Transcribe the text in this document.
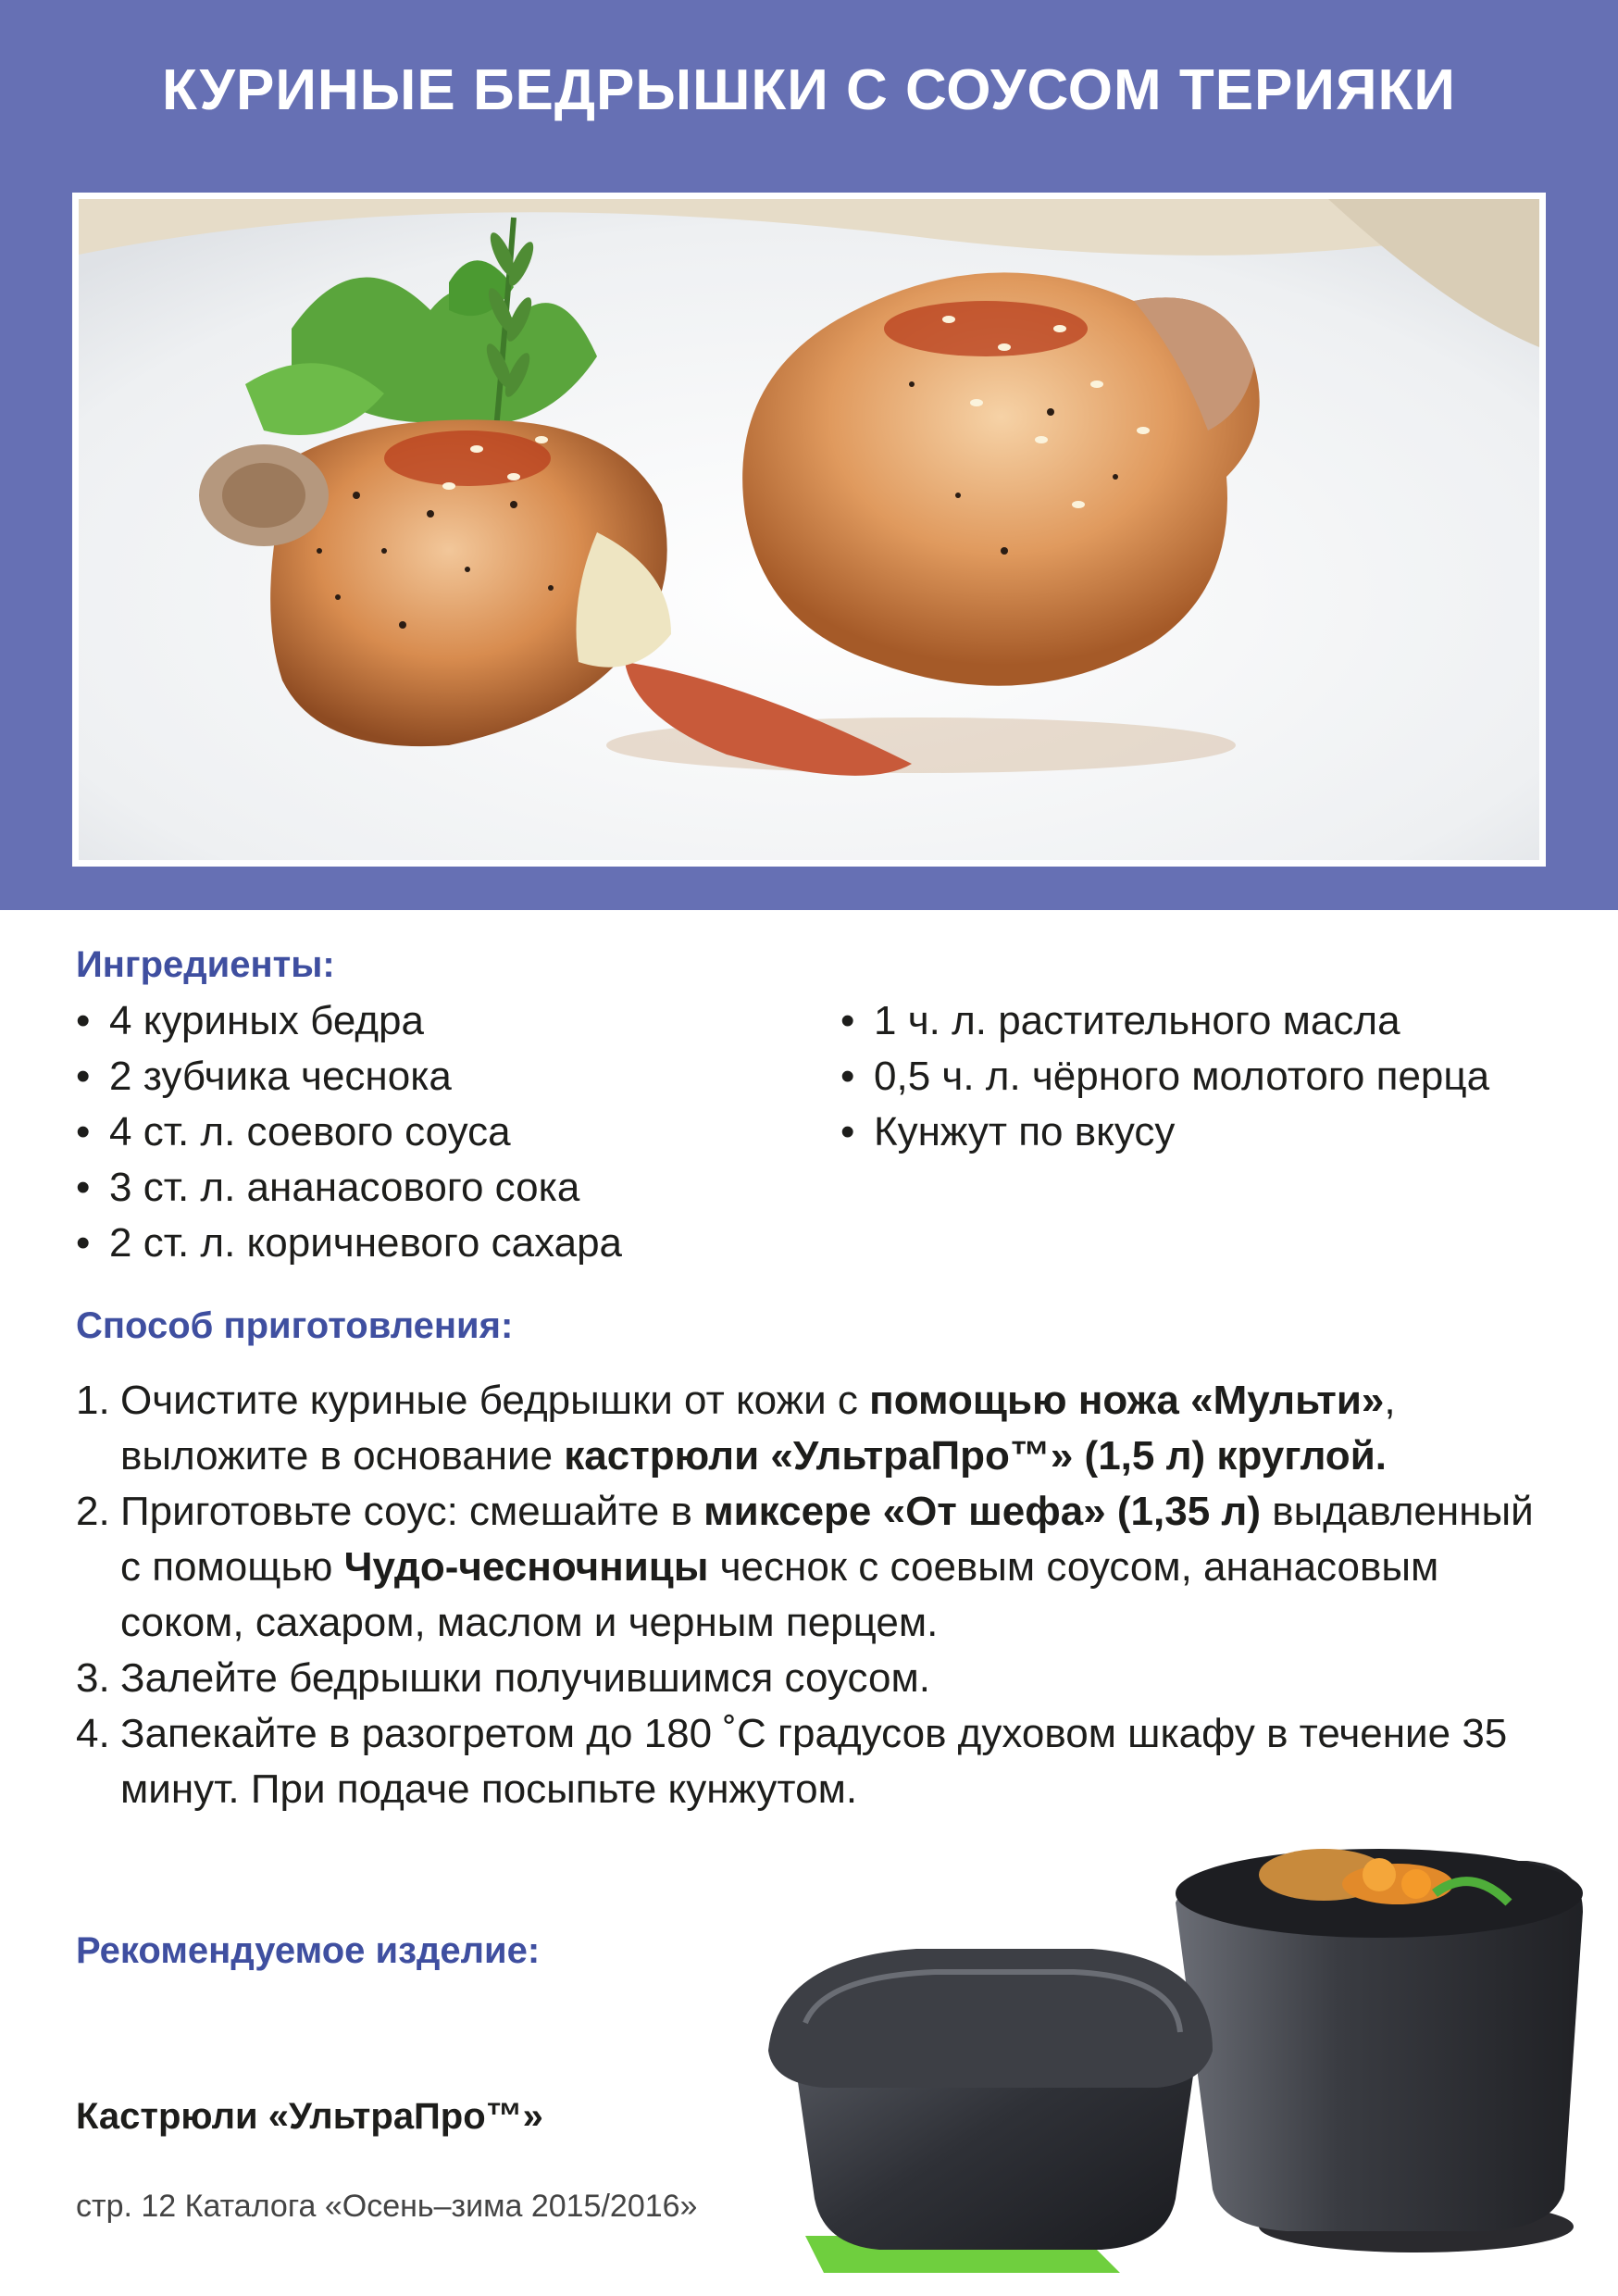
КУРИНЫЕ БЕДРЫШКИ С СОУСОМ ТЕРИЯКИ
Ингредиенты:
• 4 куриных бедра
• 2 зубчика чеснока
• 4 ст. л. соевого соуса
• 3 ст. л. ананасового сока
• 2 ст. л. коричневого сахара
• 1 ч. л. растительного масла
• 0,5 ч. л. чёрного молотого перца
• Кунжут по вкусу
Способ приготовления:
1. Очистите куриные бедрышки от кожи с помощью ножа «Мульти», выложите в основание кастрюли «УльтраПро™» (1,5 л) круглой.
2. Приготовьте соус: смешайте в миксере «От шефа» (1,35 л) выдавленный с помощью Чудо-чесночницы чеснок с соевым соусом, ананасовым соком, сахаром, маслом и черным перцем.
3. Залейте бедрышки получившимся соусом.
4. Запекайте в разогретом до 180 ˚С градусов духовом шкафу в течение 35 минут. При подаче посыпьте кунжутом.
Рекомендуемое изделие:
Кастрюли «УльтраПро™»
стр. 12 Каталога «Осень–зима 2015/2016»
